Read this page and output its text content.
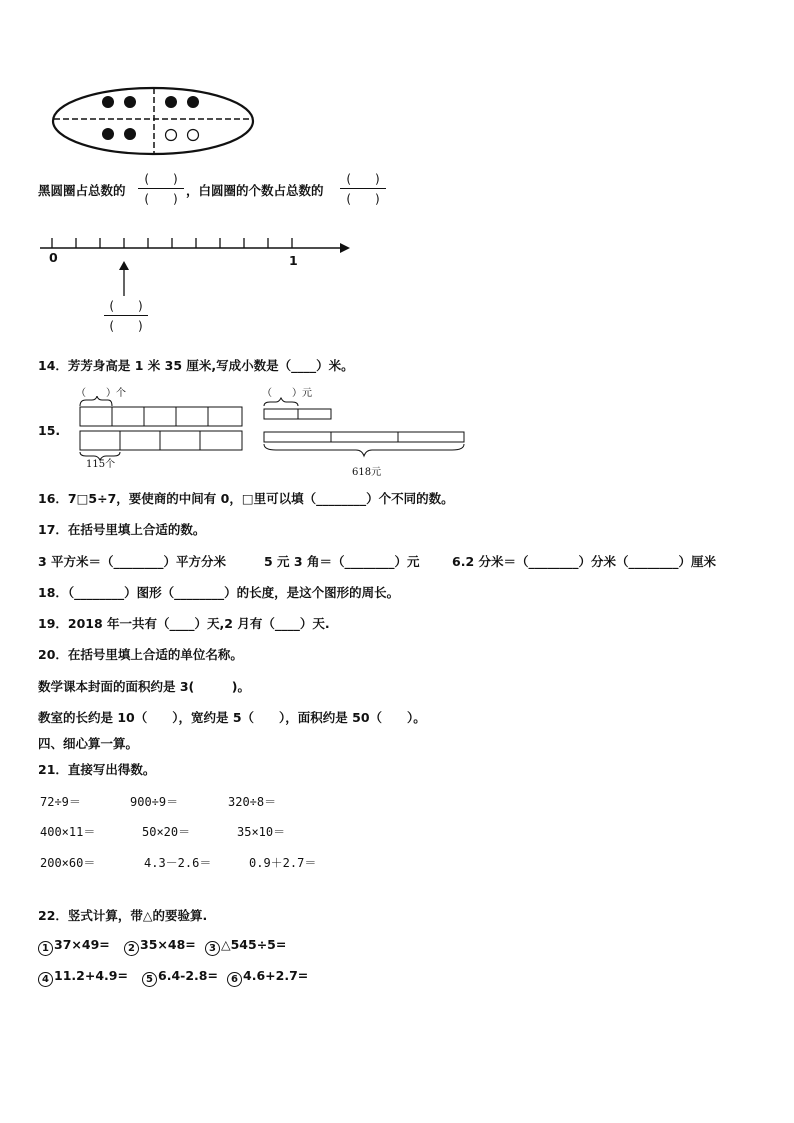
黑圆圈占总数的
(　　)
(　　)
，白圆圈的个数占总数的
(　　)
(　　)
0	1
(　　)
(　　)
14．芳芳身高是 1 米 35 厘米,写成小数是（____）米。
15.
（　　）个	（　　）元
115个
618元
16．7□5÷7，要使商的中间有 0，□里可以填（________）个不同的数。
17．在括号里填上合适的数。
3 平方米＝（________）平方分米	5 元 3 角＝（________）元	6.2 分米＝（________）分米（________）厘米
18．（________）图形（________）的长度，是这个图形的周长。
19．2018 年一共有（____）天,2 月有（____）天.
20．在括号里填上合适的单位名称。
数学课本封面的面积约是 3(　　　)。
教室的长约是 10（　　），宽约是 5（　　），面积约是 50（　　）。
四、细心算一算。
21．直接写出得数。
72÷9＝	900÷9＝	320÷8＝
400×11＝	50×20＝	35×10＝
200×60＝	4.3－2.6＝	0.9＋2.7＝
22．竖式计算，带△的要验算.
1 37×49=	2 35×48=	3 △545÷5=
4 11.2+4.9=	5 6.4-2.8=	6 4.6+2.7=
